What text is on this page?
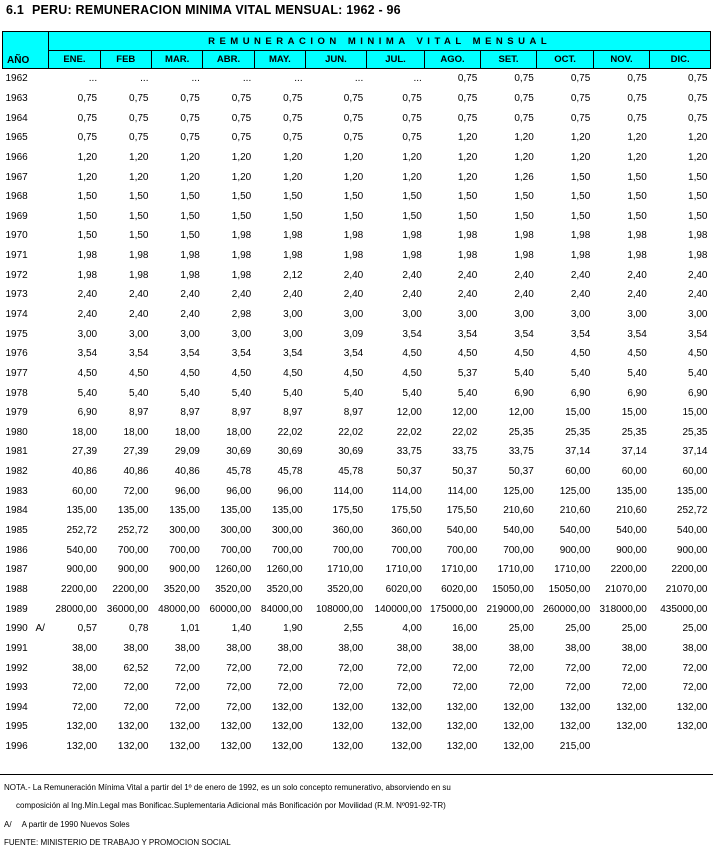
6.1 PERU: REMUNERACION MINIMA VITAL MENSUAL: 1962 - 96
AÑO	REMUNERACION MINIMA VITAL MENSUAL											
	ENE.	FEB	MAR.	ABR.	MAY.	JUN.	JUL.	AGO.	SET.	OCT.	NOV.	DIC.
1962	...	...	...	...	...	...	...	0,75	0,75	0,75	0,75	0,75
1963	0,75	0,75	0,75	0,75	0,75	0,75	0,75	0,75	0,75	0,75	0,75	0,75
1964	0,75	0,75	0,75	0,75	0,75	0,75	0,75	0,75	0,75	0,75	0,75	0,75
1965	0,75	0,75	0,75	0,75	0,75	0,75	0,75	1,20	1,20	1,20	1,20	1,20
1966	1,20	1,20	1,20	1,20	1,20	1,20	1,20	1,20	1,20	1,20	1,20	1,20
1967	1,20	1,20	1,20	1,20	1,20	1,20	1,20	1,20	1,26	1,50	1,50	1,50
1968	1,50	1,50	1,50	1,50	1,50	1,50	1,50	1,50	1,50	1,50	1,50	1,50
1969	1,50	1,50	1,50	1,50	1,50	1,50	1,50	1,50	1,50	1,50	1,50	1,50
1970	1,50	1,50	1,50	1,98	1,98	1,98	1,98	1,98	1,98	1,98	1,98	1,98
1971	1,98	1,98	1,98	1,98	1,98	1,98	1,98	1,98	1,98	1,98	1,98	1,98
1972	1,98	1,98	1,98	1,98	2,12	2,40	2,40	2,40	2,40	2,40	2,40	2,40
1973	2,40	2,40	2,40	2,40	2,40	2,40	2,40	2,40	2,40	2,40	2,40	2,40
1974	2,40	2,40	2,40	2,98	3,00	3,00	3,00	3,00	3,00	3,00	3,00	3,00
1975	3,00	3,00	3,00	3,00	3,00	3,09	3,54	3,54	3,54	3,54	3,54	3,54
1976	3,54	3,54	3,54	3,54	3,54	3,54	4,50	4,50	4,50	4,50	4,50	4,50
1977	4,50	4,50	4,50	4,50	4,50	4,50	4,50	5,37	5,40	5,40	5,40	5,40
1978	5,40	5,40	5,40	5,40	5,40	5,40	5,40	5,40	6,90	6,90	6,90	6,90
1979	6,90	8,97	8,97	8,97	8,97	8,97	12,00	12,00	12,00	15,00	15,00	15,00
1980	18,00	18,00	18,00	18,00	22,02	22,02	22,02	22,02	25,35	25,35	25,35	25,35
1981	27,39	27,39	29,09	30,69	30,69	30,69	33,75	33,75	33,75	37,14	37,14	37,14
1982	40,86	40,86	40,86	45,78	45,78	45,78	50,37	50,37	50,37	60,00	60,00	60,00
1983	60,00	72,00	96,00	96,00	96,00	114,00	114,00	114,00	125,00	125,00	135,00	135,00
1984	135,00	135,00	135,00	135,00	135,00	175,50	175,50	175,50	210,60	210,60	210,60	252,72
1985	252,72	252,72	300,00	300,00	300,00	360,00	360,00	540,00	540,00	540,00	540,00	540,00
1986	540,00	700,00	700,00	700,00	700,00	700,00	700,00	700,00	700,00	900,00	900,00	900,00
1987	900,00	900,00	900,00	1260,00	1260,00	1710,00	1710,00	1710,00	1710,00	1710,00	2200,00	2200,00
1988	2200,00	2200,00	3520,00	3520,00	3520,00	3520,00	6020,00	6020,00	15050,00	15050,00	21070,00	21070,00
1989	28000,00	36000,00	48000,00	60000,00	84000,00	108000,00	140000,00	175000,00	219000,00	260000,00	318000,00	435000,00
1990 A/	0,57	0,78	1,01	1,40	1,90	2,55	4,00	16,00	25,00	25,00	25,00	25,00
1991	38,00	38,00	38,00	38,00	38,00	38,00	38,00	38,00	38,00	38,00	38,00	38,00
1992	38,00	62,52	72,00	72,00	72,00	72,00	72,00	72,00	72,00	72,00	72,00	72,00
1993	72,00	72,00	72,00	72,00	72,00	72,00	72,00	72,00	72,00	72,00	72,00	72,00
1994	72,00	72,00	72,00	72,00	132,00	132,00	132,00	132,00	132,00	132,00	132,00	132,00
1995	132,00	132,00	132,00	132,00	132,00	132,00	132,00	132,00	132,00	132,00	132,00	132,00
1996	132,00	132,00	132,00	132,00	132,00	132,00	132,00	132,00	132,00	215,00		
NOTA.- La Remuneración Mínima Vital a partir del 1º de enero de 1992, es un solo concepto remunerativo, absorviendo en su
composición al Ing.Mín.Legal mas Bonificac.Suplementaria Adicional más Bonificación por Movilidad (R.M. Nº091-92-TR)
A/ A partir de 1990 Nuevos Soles
FUENTE: MINISTERIO DE TRABAJO Y PROMOCION SOCIAL
